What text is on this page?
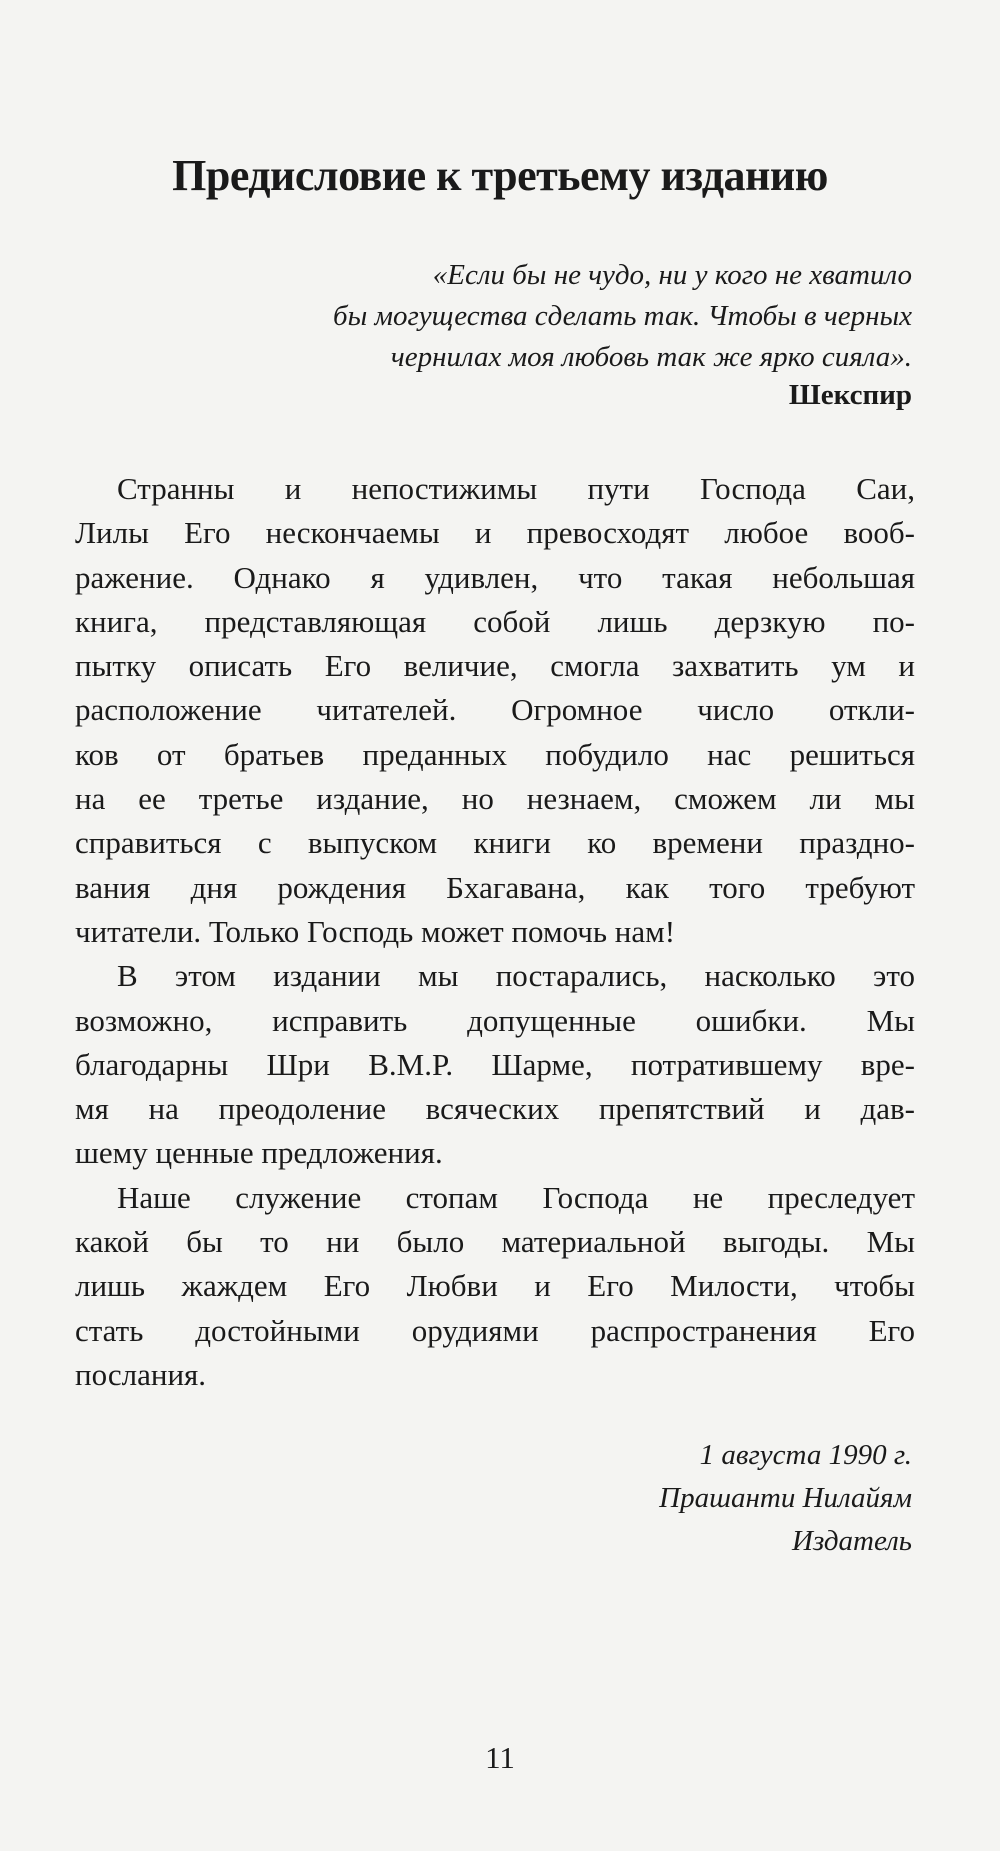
Предисловие к третьему изданию
«Если бы не чудо, ни у кого не хватило
бы могущества сделать так. Чтобы в черных
чернилах моя любовь так же ярко сияла».
Шекспир

Странны и непостижимы пути Господа Саи,
Лилы Его нескончаемы и превосходят любое вооб-
ражение. Однако я удивлен, что такая небольшая
книга, представляющая собой лишь дерзкую по-
пытку описать Его величие, смогла захватить ум и
расположение читателей. Огромное число откли-
ков от братьев преданных побудило нас решиться
на ее третье издание, но незнаем, сможем ли мы
справиться с выпуском книги ко времени праздно-
вания дня рождения Бхагавана, как того требуют
читатели. Только Господь может помочь нам!

В этом издании мы постарались, насколько это
возможно, исправить допущенные ошибки. Мы
благодарны Шри В.М.Р. Шарме, потратившему вре-
мя на преодоление всяческих препятствий и дав-
шему ценные предложения.

Наше служение стопам Господа не преследует
какой бы то ни было материальной выгоды. Мы
лишь жаждем Его Любви и Его Милости, чтобы
стать достойными орудиями распространения Его
послания.

1 августа 1990 г.
Прашанти Нилайям
Издатель
11
